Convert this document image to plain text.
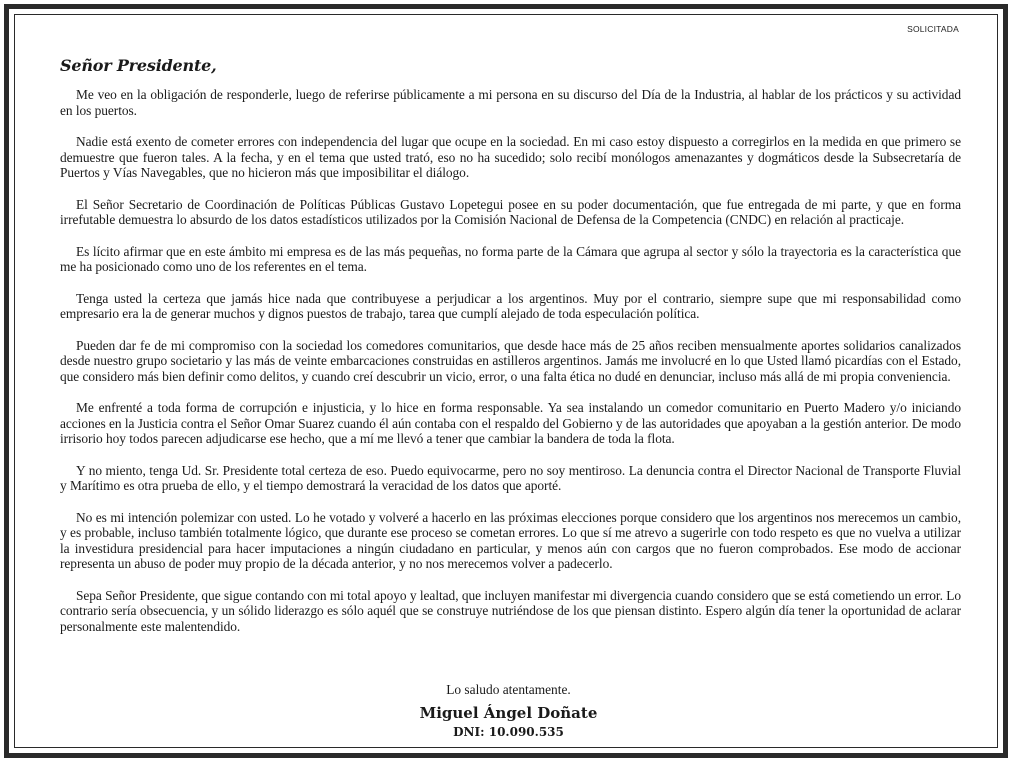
SOLICITADA
Señor Presidente,

Me veo en la obligación de responderle, luego de referirse públicamente a mi persona en su discurso del Día de la Industria, al hablar de los prácticos y su actividad en los puertos.

Nadie está exento de cometer errores con independencia del lugar que ocupe en la sociedad. En mi caso estoy dispuesto a corregirlos en la medida en que primero se demuestre que fueron tales. A la fecha, y en el tema que usted trató, eso no ha sucedido; solo recibí monólogos amenazantes y dogmáticos desde la Subsecretaría de Puertos y Vías Navegables, que no hicieron más que imposibilitar el diálogo.

El Señor Secretario de Coordinación de Políticas Públicas Gustavo Lopetegui posee en su poder documentación, que fue entregada de mi parte, y que en forma irrefutable demuestra lo absurdo de los datos estadísticos utilizados por la Comisión Nacional de Defensa de la Competencia (CNDC) en relación al practicaje.

Es lícito afirmar que en este ámbito mi empresa es de las más pequeñas, no forma parte de la Cámara que agrupa al sector y sólo la trayectoria es la característica que me ha posicionado como uno de los referentes en el tema.

Tenga usted la certeza que jamás hice nada que contribuyese a perjudicar a los argentinos. Muy por el contrario, siempre supe que mi responsabilidad como empresario era la de generar muchos y dignos puestos de trabajo, tarea que cumplí alejado de toda especulación política.

Pueden dar fe de mi compromiso con la sociedad los comedores comunitarios, que desde hace más de 25 años reciben mensualmente aportes solidarios canalizados desde nuestro grupo societario y las más de veinte embarcaciones construidas en astilleros argentinos. Jamás me involucré en lo que Usted llamó picardías con el Estado, que considero más bien definir como delitos, y cuando creí descubrir un vicio, error, o una falta ética no dudé en denunciar, incluso más allá de mi propia conveniencia.

Me enfrenté a toda forma de corrupción e injusticia, y lo hice en forma responsable. Ya sea instalando un comedor comunitario en Puerto Madero y/o iniciando acciones en la Justicia contra el Señor Omar Suarez cuando él aún contaba con el respaldo del Gobierno y de las autoridades que apoyaban a la gestión anterior. De modo irrisorio hoy todos parecen adjudicarse ese hecho, que a mí me llevó a tener que cambiar la bandera de toda la flota.

Y no miento, tenga Ud. Sr. Presidente total certeza de eso. Puedo equivocarme, pero no soy mentiroso. La denuncia contra el Director Nacional de Transporte Fluvial y Marítimo es otra prueba de ello, y el tiempo demostrará la veracidad de los datos que aporté.

No es mi intención polemizar con usted. Lo he votado y volveré a hacerlo en las próximas elecciones porque considero que los argentinos nos merecemos un cambio, y es probable, incluso también totalmente lógico, que durante ese proceso se cometan errores. Lo que sí me atrevo a sugerirle con todo respeto es que no vuelva a utilizar la investidura presidencial para hacer imputaciones a ningún ciudadano en particular, y menos aún con cargos que no fueron comprobados. Ese modo de accionar representa un abuso de poder muy propio de la década anterior, y no nos merecemos volver a padecerlo.

Sepa Señor Presidente, que sigue contando con mi total apoyo y lealtad, que incluyen manifestar mi divergencia cuando considero que se está cometiendo un error. Lo contrario sería obsecuencia, y un sólido liderazgo es sólo aquél que se construye nutriéndose de los que piensan distinto. Espero algún día tener la oportunidad de aclarar personalmente este malentendido.

Lo saludo atentamente.
Miguel Ángel Doñate
DNI: 10.090.535
